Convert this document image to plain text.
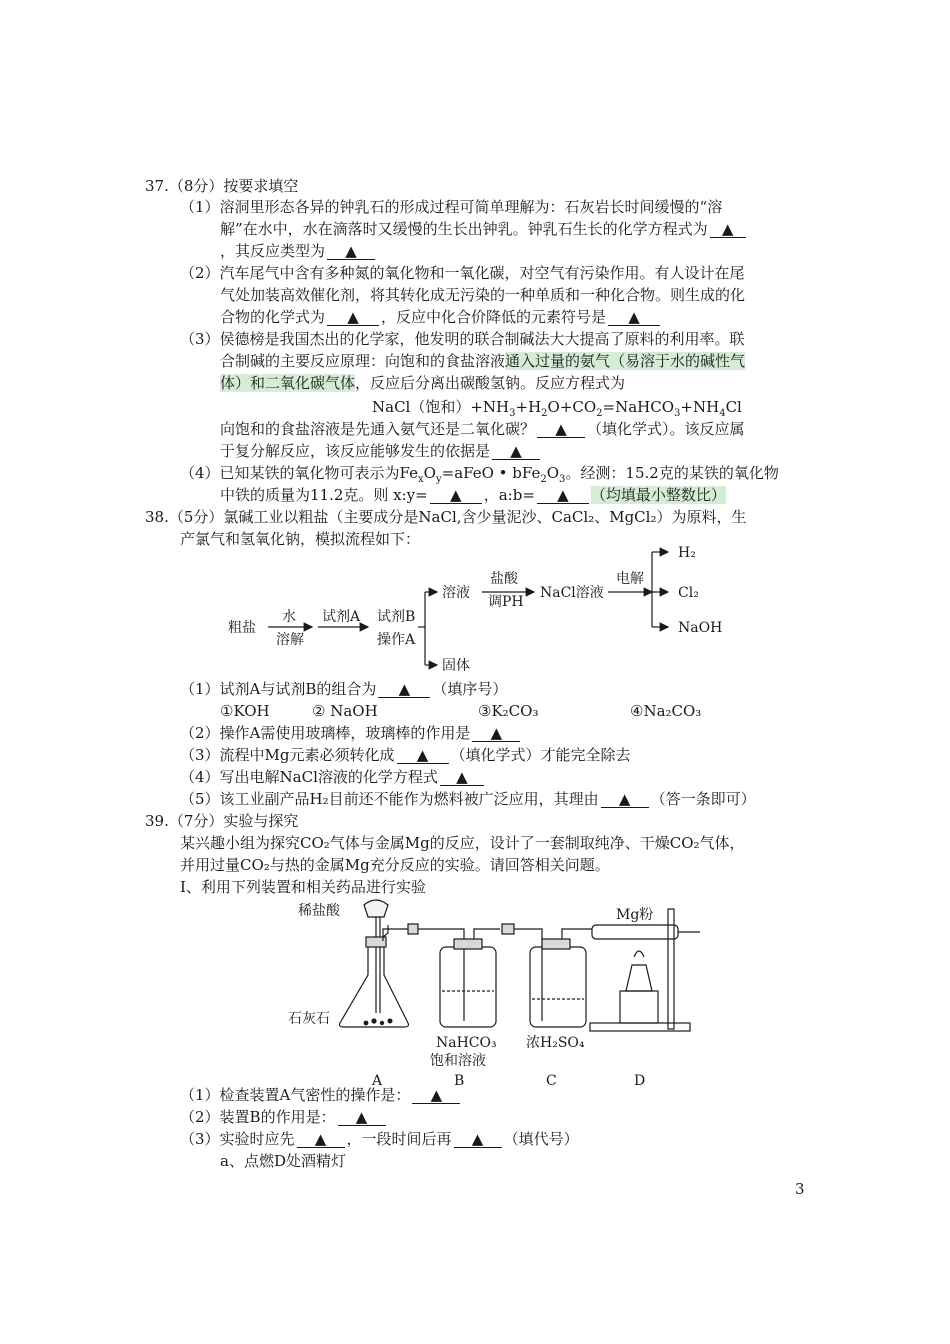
37.（8分）按要求填空
（1）溶洞里形态各异的钟乳石的形成过程可简单理解为：石灰岩长时间缓慢的“溶
解”在水中，水在滴落时又缓慢的生长出钟乳。钟乳石生长的化学方程式为 ▲
，其反应类型为 ▲
（2）汽车尾气中含有多种氮的氧化物和一氧化碳，对空气有污染作用。有人设计在尾
气处加装高效催化剂，将其转化成无污染的一种单质和一种化合物。则生成的化
合物的化学式为 ▲ ，反应中化合价降低的元素符号是 ▲
（3）侯德榜是我国杰出的化学家，他发明的联合制碱法大大提高了原料的利用率。联
合制碱的主要反应原理：向饱和的食盐溶液通入过量的氨气（易溶于水的碱性气
体）和二氧化碳气体，反应后分离出碳酸氢钠。反应方程式为
NaCl（饱和）$+NH_3+H_2O+CO_2=NaHCO_3+NH_4Cl$
向饱和的食盐溶液是先通入氨气还是二氧化碳？ ▲ （填化学式）。该反应属
于复分解反应，该反应能够发生的依据是 ▲
（4）已知某铁的氧化物可表示为$Fe_xO_y=aFeO$ • $bFe_2O_3$。经测：15.2克的某铁的氧化物
中铁的质量为11.2克。则 x:y= ▲ ，a:b= ▲ （均填最小整数比）
38.（5分）氯碱工业以粗盐（主要成分是NaCl,含少量泥沙、CaCl₂、MgCl₂）为原料，生
产氯气和氢氧化钠，模拟流程如下：
粗盐
水
溶解
试剂A 试剂B
操作A
溶液
盐酸
调PH
NaCl溶液
电解
H₂
Cl₂
NaOH
固体
（1）试剂A与试剂B的组合为 ▲ （填序号）
①KOH	② NaOH	③K₂CO₃	④Na₂CO₃
（2）操作A需使用玻璃棒，玻璃棒的作用是 ▲
（3）流程中Mg元素必须转化成 ▲ （填化学式）才能完全除去
（4）写出电解NaCl溶液的化学方程式 ▲
（5）该工业副产品H₂目前还不能作为燃料被广泛应用，其理由 ▲ （答一条即可）
39.（7分）实验与探究
某兴趣小组为探究CO₂气体与金属Mg的反应，设计了一套制取纯净、干燥CO₂气体，
并用过量CO₂与热的金属Mg充分反应的实验。请回答相关问题。
Ⅰ、利用下列装置和相关药品进行实验
稀盐酸
石灰石
Mg粉
NaHCO₃
饱和溶液
浓H₂SO₄
A	B	C	D
（1）检查装置A气密性的操作是： ▲
（2）装置B的作用是： ▲
（3）实验时应先 ▲ ，一段时间后再 ▲ （填代号）
a、点燃D处酒精灯
3
